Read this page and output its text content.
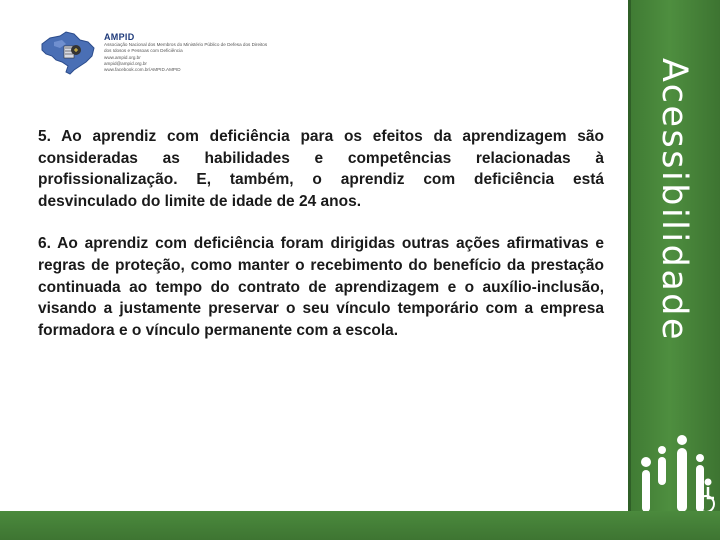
AMPID
Associação Nacional dos Membros do Ministério Público de Defesa dos Direitos
dos Idosos e Pessoas com Deficiência
www.ampid.org.br
ampid@ampid.org.br
www.facebook.com.br/AMPID.AMPID

5. Ao aprendiz com deficiência para os efeitos da aprendizagem são consideradas as habilidades e competências relacionadas à profissionalização. E, também, o aprendiz com deficiência está desvinculado do limite de idade de 24 anos.

6. Ao aprendiz com deficiência foram dirigidas outras ações afirmativas e regras de proteção, como manter o recebimento do benefício da prestação continuada ao tempo do contrato de aprendizagem e o auxílio-inclusão, visando a justamente preservar o seu vínculo temporário com a empresa formadora e o vínculo permanente com a escola.	Acessibilidade
